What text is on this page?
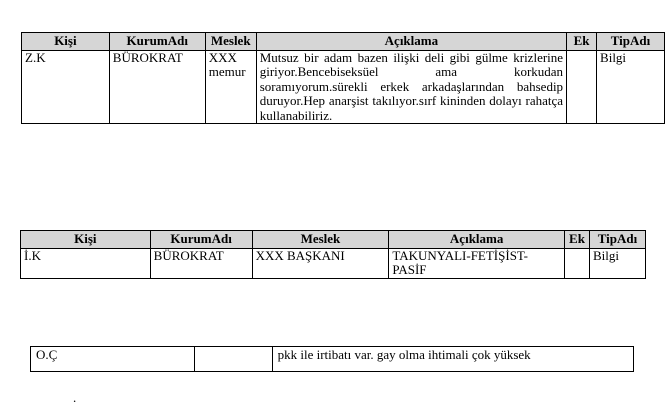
Kişi	KurumAdı	Meslek	Açıklama	Ek	TipAdı
Z.K	BÜROKRAT	XXX memur	Mutsuz bir adam bazen ilişki deli gibi gülme krizlerine giriyor.Bencebiseksüel ama korkudan soramıyorum.sürekli erkek arkadaşlarından bahsedip duruyor.Hep anarşist takılıyor.sırf kininden dolayı rahatça kullanabiliriz.		Bilgi
Kişi	KurumAdı	Meslek	Açıklama	Ek	TipAdı
İ.K	BÜROKRAT	XXX BAŞKANI	TAKUNYALI-FETİŞİST-PASİF		Bilgi
O.Ç		pkk ile irtibatı var. gay olma ihtimali çok yüksek
.
